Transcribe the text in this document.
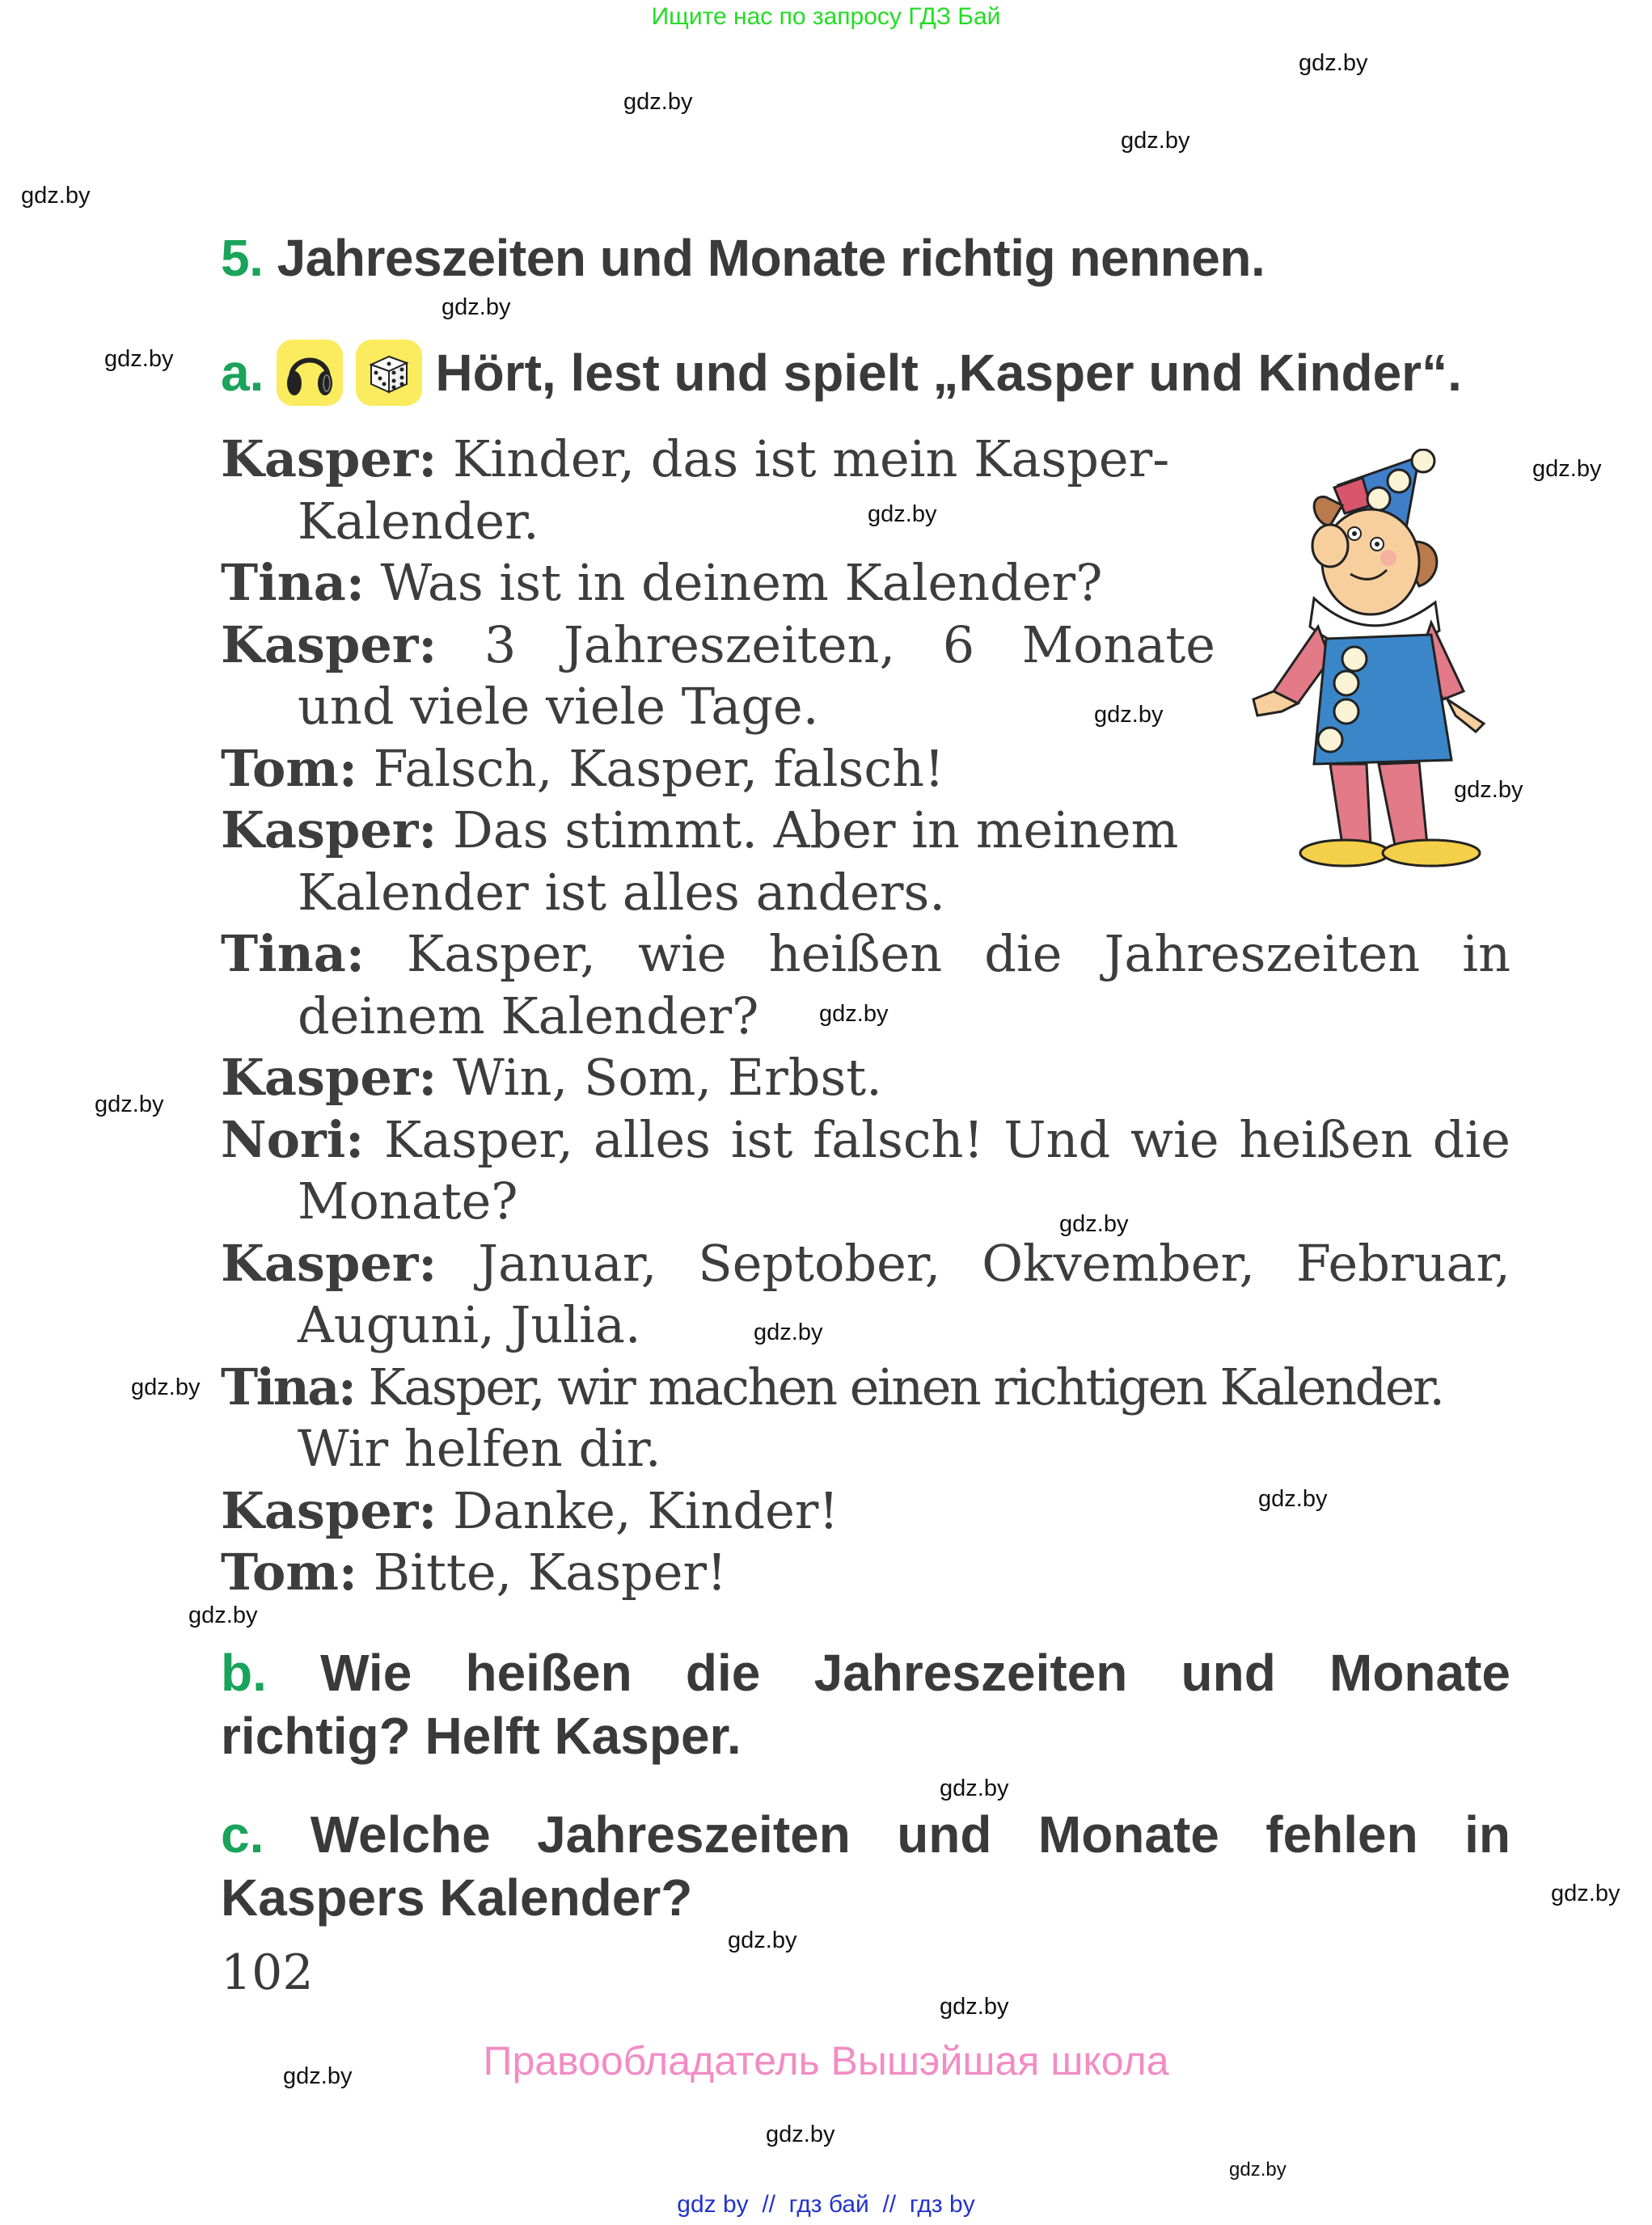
Ищите нас по запросу ГДЗ Бай
gdz.by
gdz.by
gdz.by
gdz.by
gdz.by
gdz.by
gdz.by
gdz.by
gdz.by
gdz.by
gdz.by
gdz.by
gdz.by
gdz.by
gdz.by
gdz.by
gdz.by
gdz.by
gdz.by
gdz.by
gdz.by
gdz.by
gdz.by
gdz.by
5. Jahreszeiten und Monate richtig nennen.
a.	Hört, lest und spielt „Kasper und Kinder“.
Kasper: Kinder, das ist mein Kasper-
Kalender.
Tina: Was ist in deinem Kalender?
Kasper: 3 Jahreszeiten, 6 Monate
und viele viele Tage.
Tom: Falsch, Kasper, falsch!
Kasper: Das stimmt. Aber in meinem
Kalender ist alles anders.
Tina: Kasper, wie heißen die Jahreszeiten in
deinem Kalender?
Kasper: Win, Som, Erbst.
Nori: Kasper, alles ist falsch! Und wie heißen die
Monate?
Kasper: Januar, Septober, Okvember, Februar,
Auguni, Julia.
Tina: Kasper, wir machen einen richtigen Kalender.
Wir helfen dir.
Kasper: Danke, Kinder!
Tom: Bitte, Kasper!
b. Wie heißen die Jahreszeiten und Monate
richtig? Helft Kasper.
c. Welche Jahreszeiten und Monate fehlen in
Kaspers Kalender?
102
Правообладатель Вышэйшая школа
gdz by  //  гдз бай  //  гдз by
